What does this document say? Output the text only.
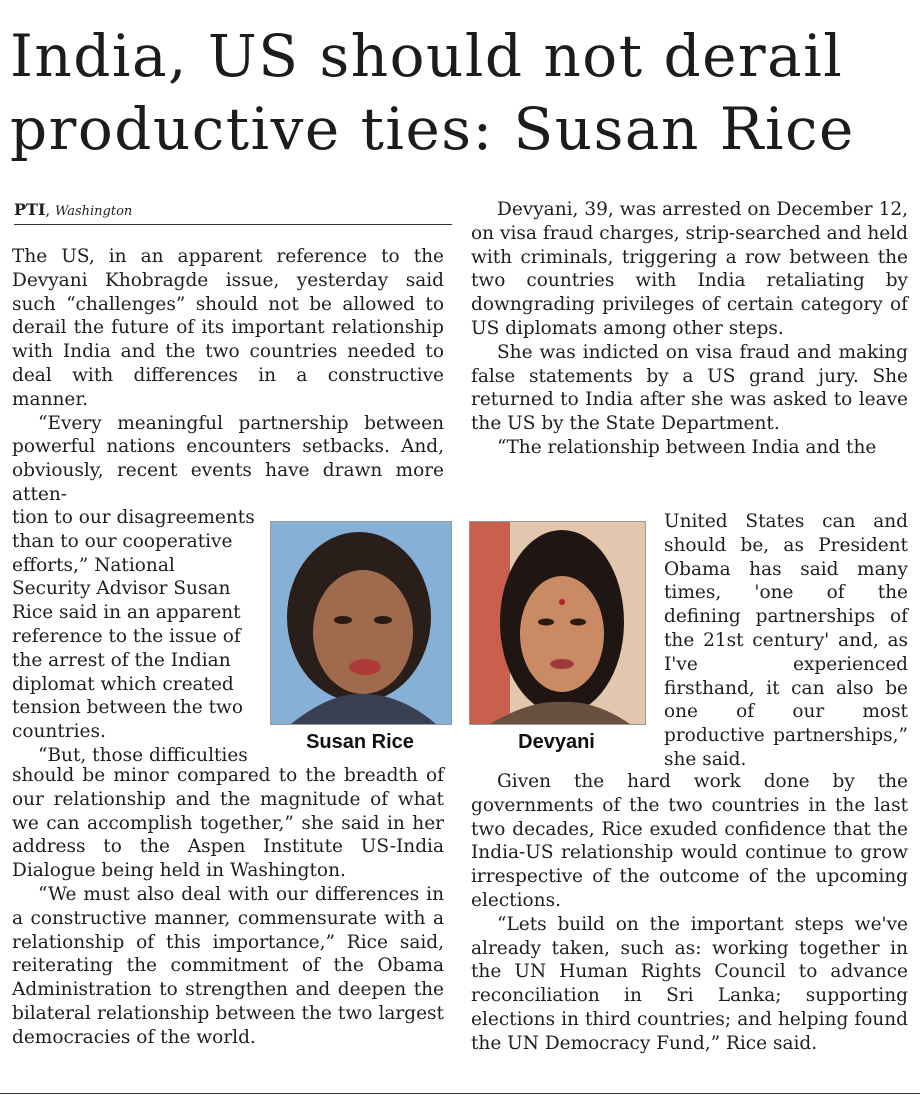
India, US should not derail
productive ties: Susan Rice
PTI, Washington

The US, in an apparent reference to the Devyani Khobragde issue, yesterday said such “challenges” should not be allowed to derail the future of its important relationship with India and the two countries needed to deal with differences in a constructive manner.

“Every meaningful partnership between powerful nations encounters setbacks. And, obviously, recent events have drawn more atten-

tion to our disagreements than to our cooperative efforts,” National Security Advisor Susan Rice said in an apparent reference to the issue of the arrest of the Indian diplomat which created tension between the two countries.

“But, those difficulties

should be minor compared to the breadth of our relationship and the magnitude of what we can accomplish together,” she said in her address to the Aspen Institute US-India Dialogue being held in Washington.

“We must also deal with our differences in a constructive manner, commensurate with a relationship of this importance,” Rice said, reiterating the commitment of the Obama Administration to strengthen and deepen the bilateral relationship between the two largest democracies of the world.

Susan Rice	Devyani

Devyani, 39, was arrested on December 12, on visa fraud charges, strip-searched and held with criminals, triggering a row between the two countries with India retaliating by downgrading privileges of certain category of US diplomats among other steps.

She was indicted on visa fraud and making false statements by a US grand jury. She returned to India after she was asked to leave the US by the State Department.

“The relationship between India and the

United States can and should be, as President Obama has said many times, 'one of the defining partnerships of the 21st century' and, as I've experienced firsthand, it can also be one of our most productive partnerships,” she said.

Given the hard work done by the governments of the two countries in the last two decades, Rice exuded confidence that the India-US relationship would continue to grow irrespective of the outcome of the upcoming elections.

“Lets build on the important steps we've already taken, such as: working together in the UN Human Rights Council to advance reconciliation in Sri Lanka; supporting elections in third countries; and helping found the UN Democracy Fund,” Rice said.
